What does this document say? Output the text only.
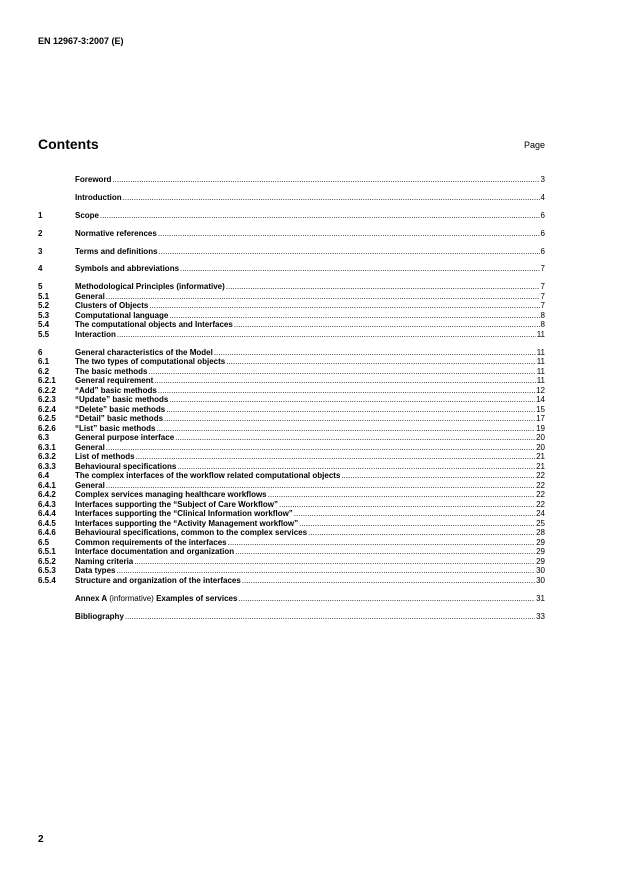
EN 12967-3:2007 (E)
Contents	Page
Foreword .....	3
Introduction .....	4
1	Scope .....	6
2	Normative references .....	6
3	Terms and definitions .....	6
4	Symbols and abbreviations .....	7
5	Methodological Principles (informative) .....	7
5.1	General .....	7
5.2	Clusters of Objects .....	7
5.3	Computational language .....	8
5.4	The computational objects and Interfaces .....	8
5.5	Interaction .....	11
6	General characteristics of the Model .....	11
6.1	The two types of computational objects .....	11
6.2	The basic methods .....	11
6.2.1	General requirement .....	11
6.2.2	“Add” basic methods .....	12
6.2.3	“Update” basic methods .....	14
6.2.4	“Delete” basic methods .....	15
6.2.5	“Detail” basic methods .....	17
6.2.6	“List” basic methods .....	19
6.3	General purpose interface .....	20
6.3.1	General .....	20
6.3.2	List of methods .....	21
6.3.3	Behavioural specifications .....	21
6.4	The complex interfaces of the workflow related computational objects .....	22
6.4.1	General .....	22
6.4.2	Complex services managing healthcare workflows .....	22
6.4.3	Interfaces supporting the “Subject of Care Workflow” .....	22
6.4.4	Interfaces supporting the “Clinical Information workflow” .....	24
6.4.5	Interfaces supporting the “Activity Management workflow” .....	25
6.4.6	Behavioural specifications, common to the complex services .....	28
6.5	Common requirements of the interfaces .....	29
6.5.1	Interface documentation and organization .....	29
6.5.2	Naming criteria .....	29
6.5.3	Data types .....	30
6.5.4	Structure and organization of the interfaces .....	30
Annex A (informative) Examples of services .....	31
Bibliography .....	33
2
